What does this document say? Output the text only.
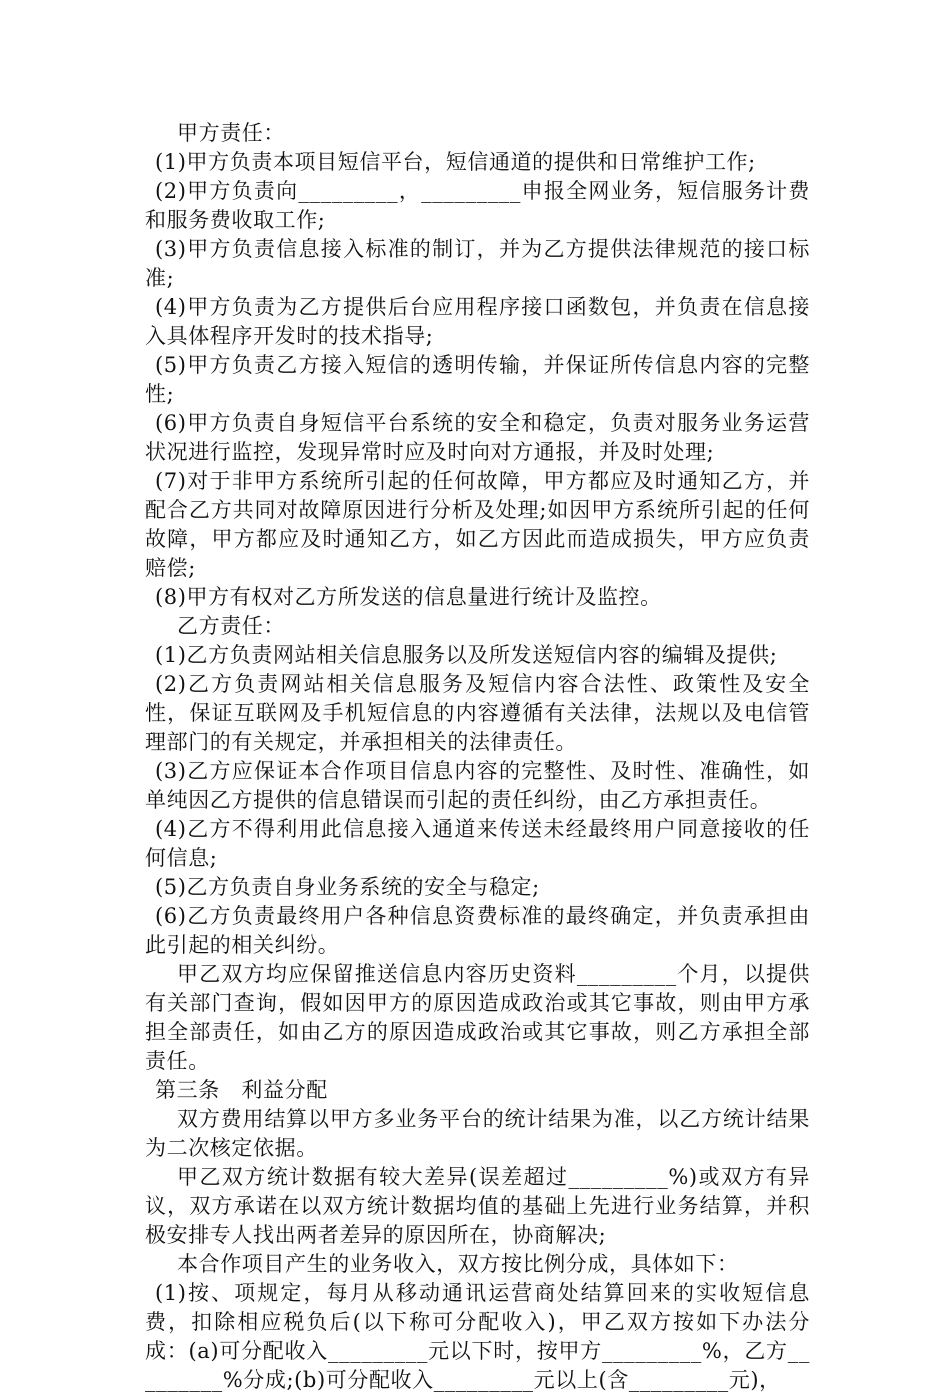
甲方责任：

(1)甲方负责本项目短信平台，短信通道的提供和日常维护工作;

(2)甲方负责向_________，_________申报全网业务，短信服务计费和服务费收取工作;

(3)甲方负责信息接入标准的制订，并为乙方提供法律规范的接口标准;

(4)甲方负责为乙方提供后台应用程序接口函数包，并负责在信息接入具体程序开发时的技术指导;

(5)甲方负责乙方接入短信的透明传输，并保证所传信息内容的完整性;

(6)甲方负责自身短信平台系统的安全和稳定，负责对服务业务运营状况进行监控，发现异常时应及时向对方通报，并及时处理;

(7)对于非甲方系统所引起的任何故障，甲方都应及时通知乙方，并配合乙方共同对故障原因进行分析及处理;如因甲方系统所引起的任何故障，甲方都应及时通知乙方，如乙方因此而造成损失，甲方应负责赔偿;

(8)甲方有权对乙方所发送的信息量进行统计及监控。

乙方责任：

(1)乙方负责网站相关信息服务以及所发送短信内容的编辑及提供;

(2)乙方负责网站相关信息服务及短信内容合法性、政策性及安全性，保证互联网及手机短信息的内容遵循有关法律，法规以及电信管理部门的有关规定，并承担相关的法律责任。

(3)乙方应保证本合作项目信息内容的完整性、及时性、准确性，如单纯因乙方提供的信息错误而引起的责任纠纷，由乙方承担责任。

(4)乙方不得利用此信息接入通道来传送未经最终用户同意接收的任何信息;

(5)乙方负责自身业务系统的安全与稳定;

(6)乙方负责最终用户各种信息资费标准的最终确定，并负责承担由此引起的相关纠纷。

甲乙双方均应保留推送信息内容历史资料_________个月，以提供有关部门查询，假如因甲方的原因造成政治或其它事故，则由甲方承担全部责任，如由乙方的原因造成政治或其它事故，则乙方承担全部责任。

第三条　利益分配

双方费用结算以甲方多业务平台的统计结果为准，以乙方统计结果为二次核定依据。

甲乙双方统计数据有较大差异(误差超过_________%)或双方有异议，双方承诺在以双方统计数据均值的基础上先进行业务结算，并积极安排专人找出两者差异的原因所在，协商解决;

本合作项目产生的业务收入，双方按比例分成，具体如下：

(1)按、项规定，每月从移动通讯运营商处结算回来的实收短信息费，扣除相应税负后(以下称可分配收入)，甲乙双方按如下办法分成：(a)可分配收入_________元以下时，按甲方_________%，乙方_________%分成;(b)可分配收入_________元以上(含_________元)，
